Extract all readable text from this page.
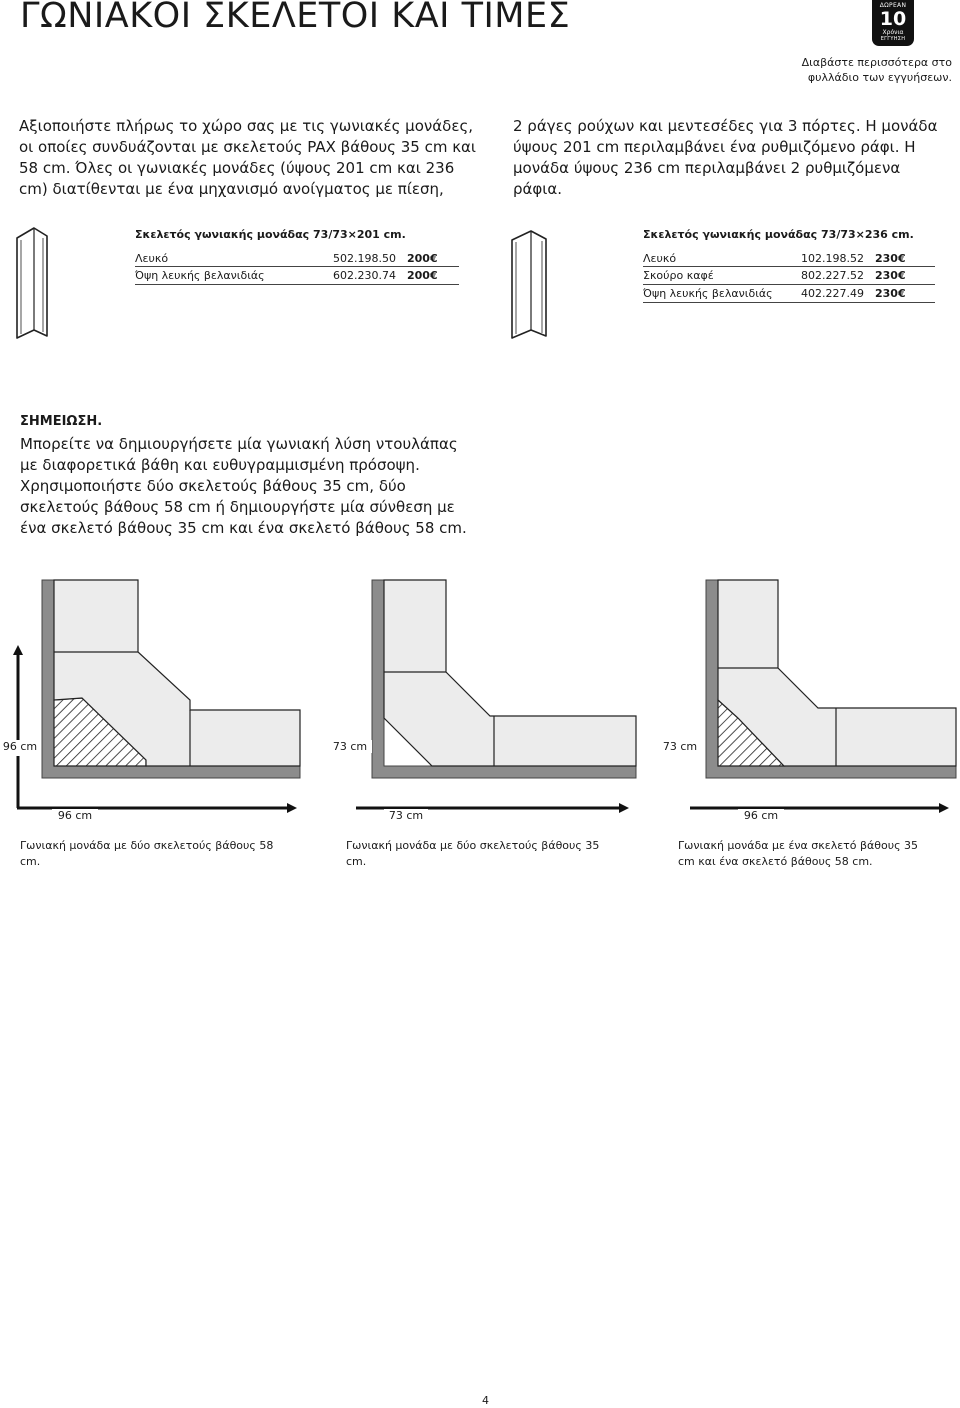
ΓΩΝΙΑΚΟΙ ΣΚΕΛΕΤΟΙ ΚΑΙ ΤΙΜΕΣ	ΔΩΡΕΑΝ
10
Χρόνια
ΕΓΓΥΗΣΗ
Διαβάστε περισσότερα στο φυλλάδιο των εγγυήσεων.
Αξιοποιήστε πλήρως το χώρο σας με τις γωνιακές μονάδες, οι οποίες συνδυάζονται με σκελετούς PAX βάθους 35 cm και 58 cm. Όλες οι γωνιακές μονάδες (ύψους 201 cm και 236 cm) διατίθενται με ένα μηχανισμό ανοίγματος με πίεση,
2 ράγες ρούχων και μεντεσέδες για 3 πόρτες. Η μονάδα ύψους 201 cm περιλαμβάνει ένα ρυθμιζόμενο ράφι. Η μονάδα ύψους 236 cm περιλαμβάνει 2 ρυθμιζόμενα ράφια.
Σκελετός γωνιακής μονάδας 73/73×201 cm.
Λευκό	502.198.50 200€
Όψη λευκής βελανιδιάς	602.230.74 200€
Σκελετός γωνιακής μονάδας 73/73×236 cm.
Λευκό	102.198.52 230€
Σκούρο καφέ	802.227.52 230€
Όψη λευκής βελανιδιάς	402.227.49 230€
ΣΗΜΕΙΩΣΗ.
Μπορείτε να δημιουργήσετε μία γωνιακή λύση ντουλάπας με διαφορετικά βάθη και ευθυγραμμισμένη πρόσοψη. Χρησιμοποιήστε δύο σκελετούς βάθους 35 cm, δύο σκελετούς βάθους 58 cm ή δημιουργήστε μία σύνθεση με ένα σκελετό βάθους 35 cm και ένα σκελετό βάθους 58 cm.
96 cm
96 cm
73 cm
73 cm
73 cm
96 cm
Γωνιακή μονάδα με δύο σκελετούς βάθους 58 cm.
Γωνιακή μονάδα με δύο σκελετούς βάθους 35 cm.
Γωνιακή μονάδα με ένα σκελετό βάθους 35 cm και ένα σκελετό βάθους 58 cm.
4
